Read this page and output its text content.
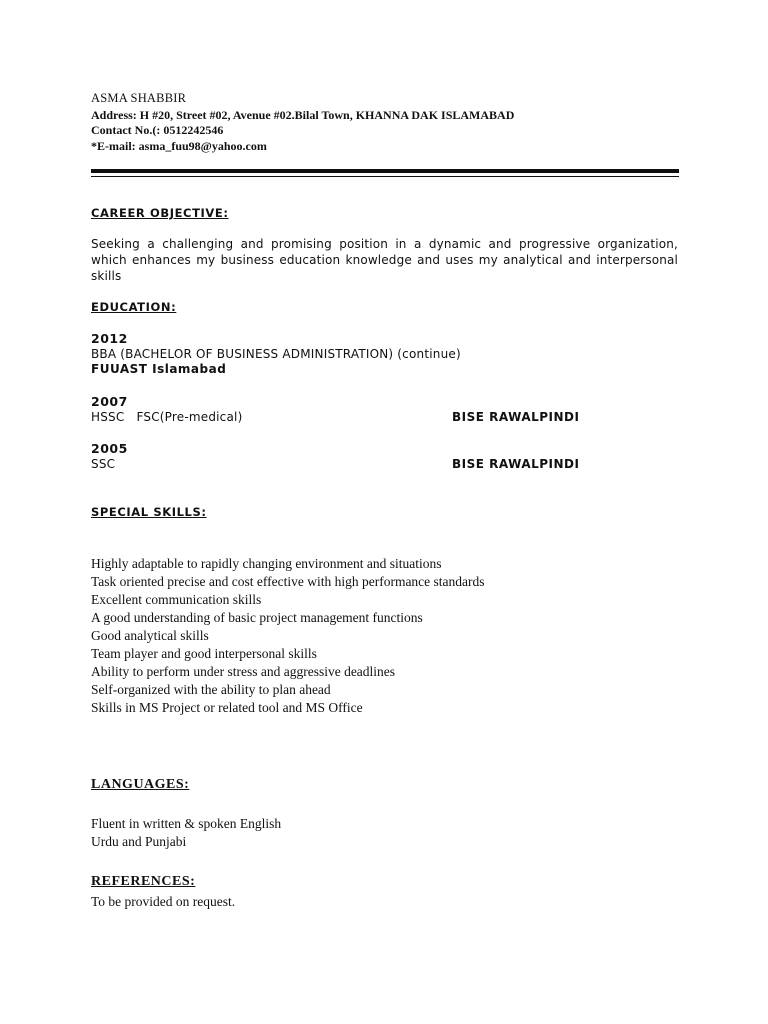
ASMA SHABBIR
Address: H #20, Street #02, Avenue #02.Bilal Town, KHANNA DAK ISLAMABAD
Contact No.(: 0512242546
*E-mail: asma_fuu98@yahoo.com
CAREER OBJECTIVE:
Seeking a challenging and promising position in a dynamic and progressive organization, which enhances my business education knowledge and uses my analytical and interpersonal skills
EDUCATION:
2012
BBA (BACHELOR OF BUSINESS ADMINISTRATION) (continue)
FUUAST Islamabad
2007
HSSC   FSC(Pre-medical)	BISE RAWALPINDI
2005
SSC	BISE RAWALPINDI
SPECIAL SKILLS:
Highly adaptable to rapidly changing environment and situations
Task oriented precise and cost effective with high performance standards
Excellent communication skills
A good understanding of basic project management functions
Good analytical skills
Team player and good interpersonal skills
Ability to perform under stress and aggressive deadlines
Self-organized with the ability to plan ahead
Skills in MS Project or related tool and MS Office
LANGUAGES:
Fluent in written & spoken English
Urdu and Punjabi
REFERENCES:
To be provided on request.
